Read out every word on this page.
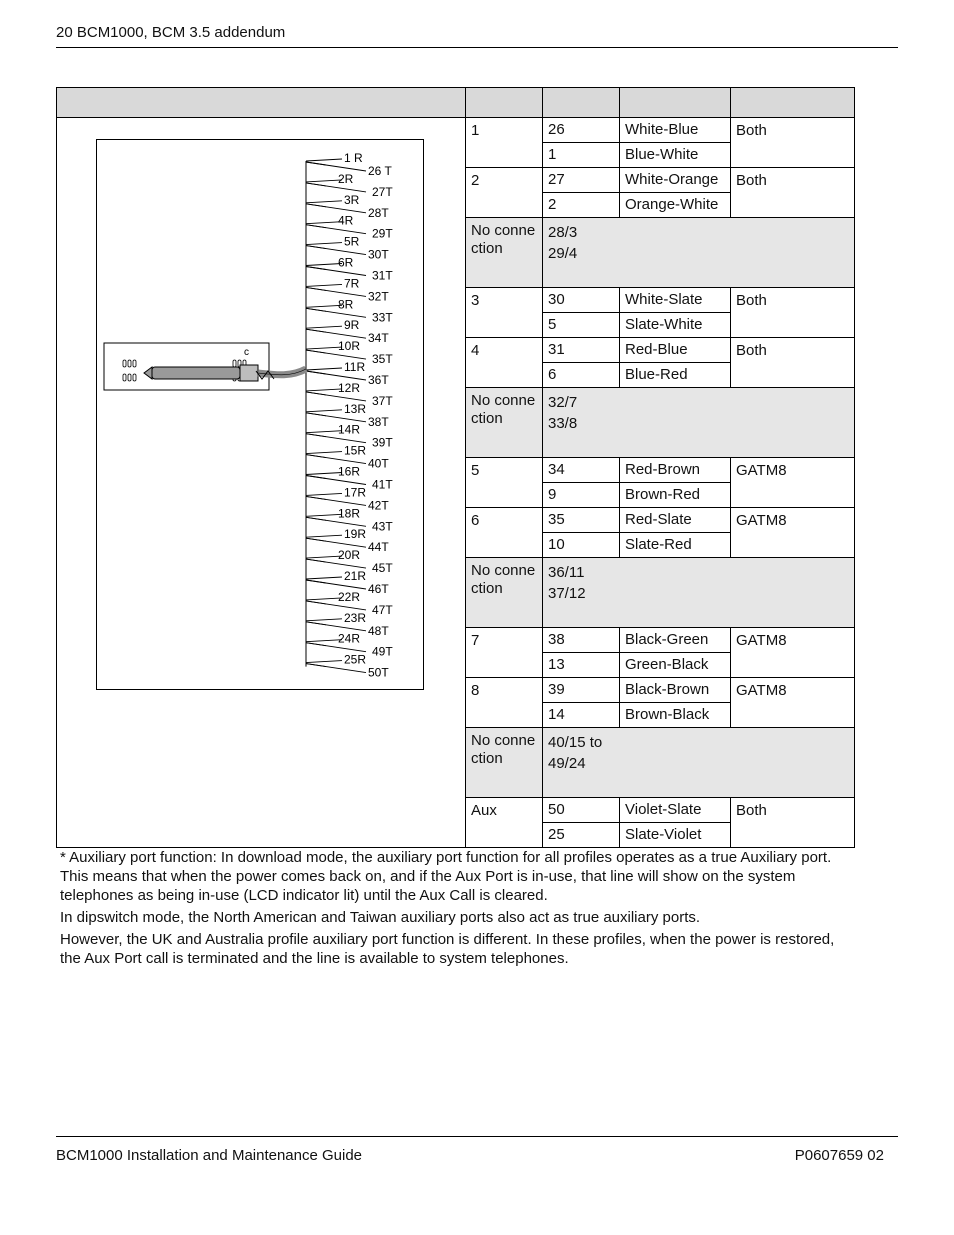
20 BCM1000, BCM 3.5 addendum

	1	26	White-Blue	Both
		1	Blue-White	
	2	27	White-Orange	Both
		2	Orange-White	
	No connection	28/3
29/4		

	3	30	White-Slate	Both
		5	Slate-White	
	4	31	Red-Blue	Both
		6	Blue-Red	
	No connection	32/7
33/8		

	5	34	Red-Brown	GATM8
		9	Brown-Red	
	6	35	Red-Slate	GATM8
		10	Slate-Red	
	No connection	36/11
37/12		

	7	38	Black-Green	GATM8
		13	Green-Black	
	8	39	Black-Brown	GATM8
		14	Brown-Black	
	No connection	40/15 to
49/24		

	Aux	50	Violet-Slate	Both
		25	Slate-Violet	
1 R
26 T
2R
27T
3R
28T
4R
29T
5R
30T
6R
31T
7R
32T
8R
33T
9R
34T
10R
35T
11R
36T
12R
37T
13R
38T
14R
39T
15R
40T
16R
41T
17R
42T
18R
43T
19R
44T
20R
45T
21R
46T
22R
47T
23R
48T
24R
49T
25R
50T
c

* Auxiliary port function: In download mode, the auxiliary port function for all profiles operates as a true Auxiliary port. This means that when the power comes back on, and if the Aux Port is in-use, that line will show on the system telephones as being in-use (LCD indicator lit) until the Aux Call is cleared.

In dipswitch mode, the North American and Taiwan auxiliary ports also act as true auxiliary ports.

However, the UK and Australia profile auxiliary port function is different. In these profiles, when the power is restored, the Aux Port call is terminated and the line is available to system telephones.

BCM1000 Installation and Maintenance Guide	P0607659 02
